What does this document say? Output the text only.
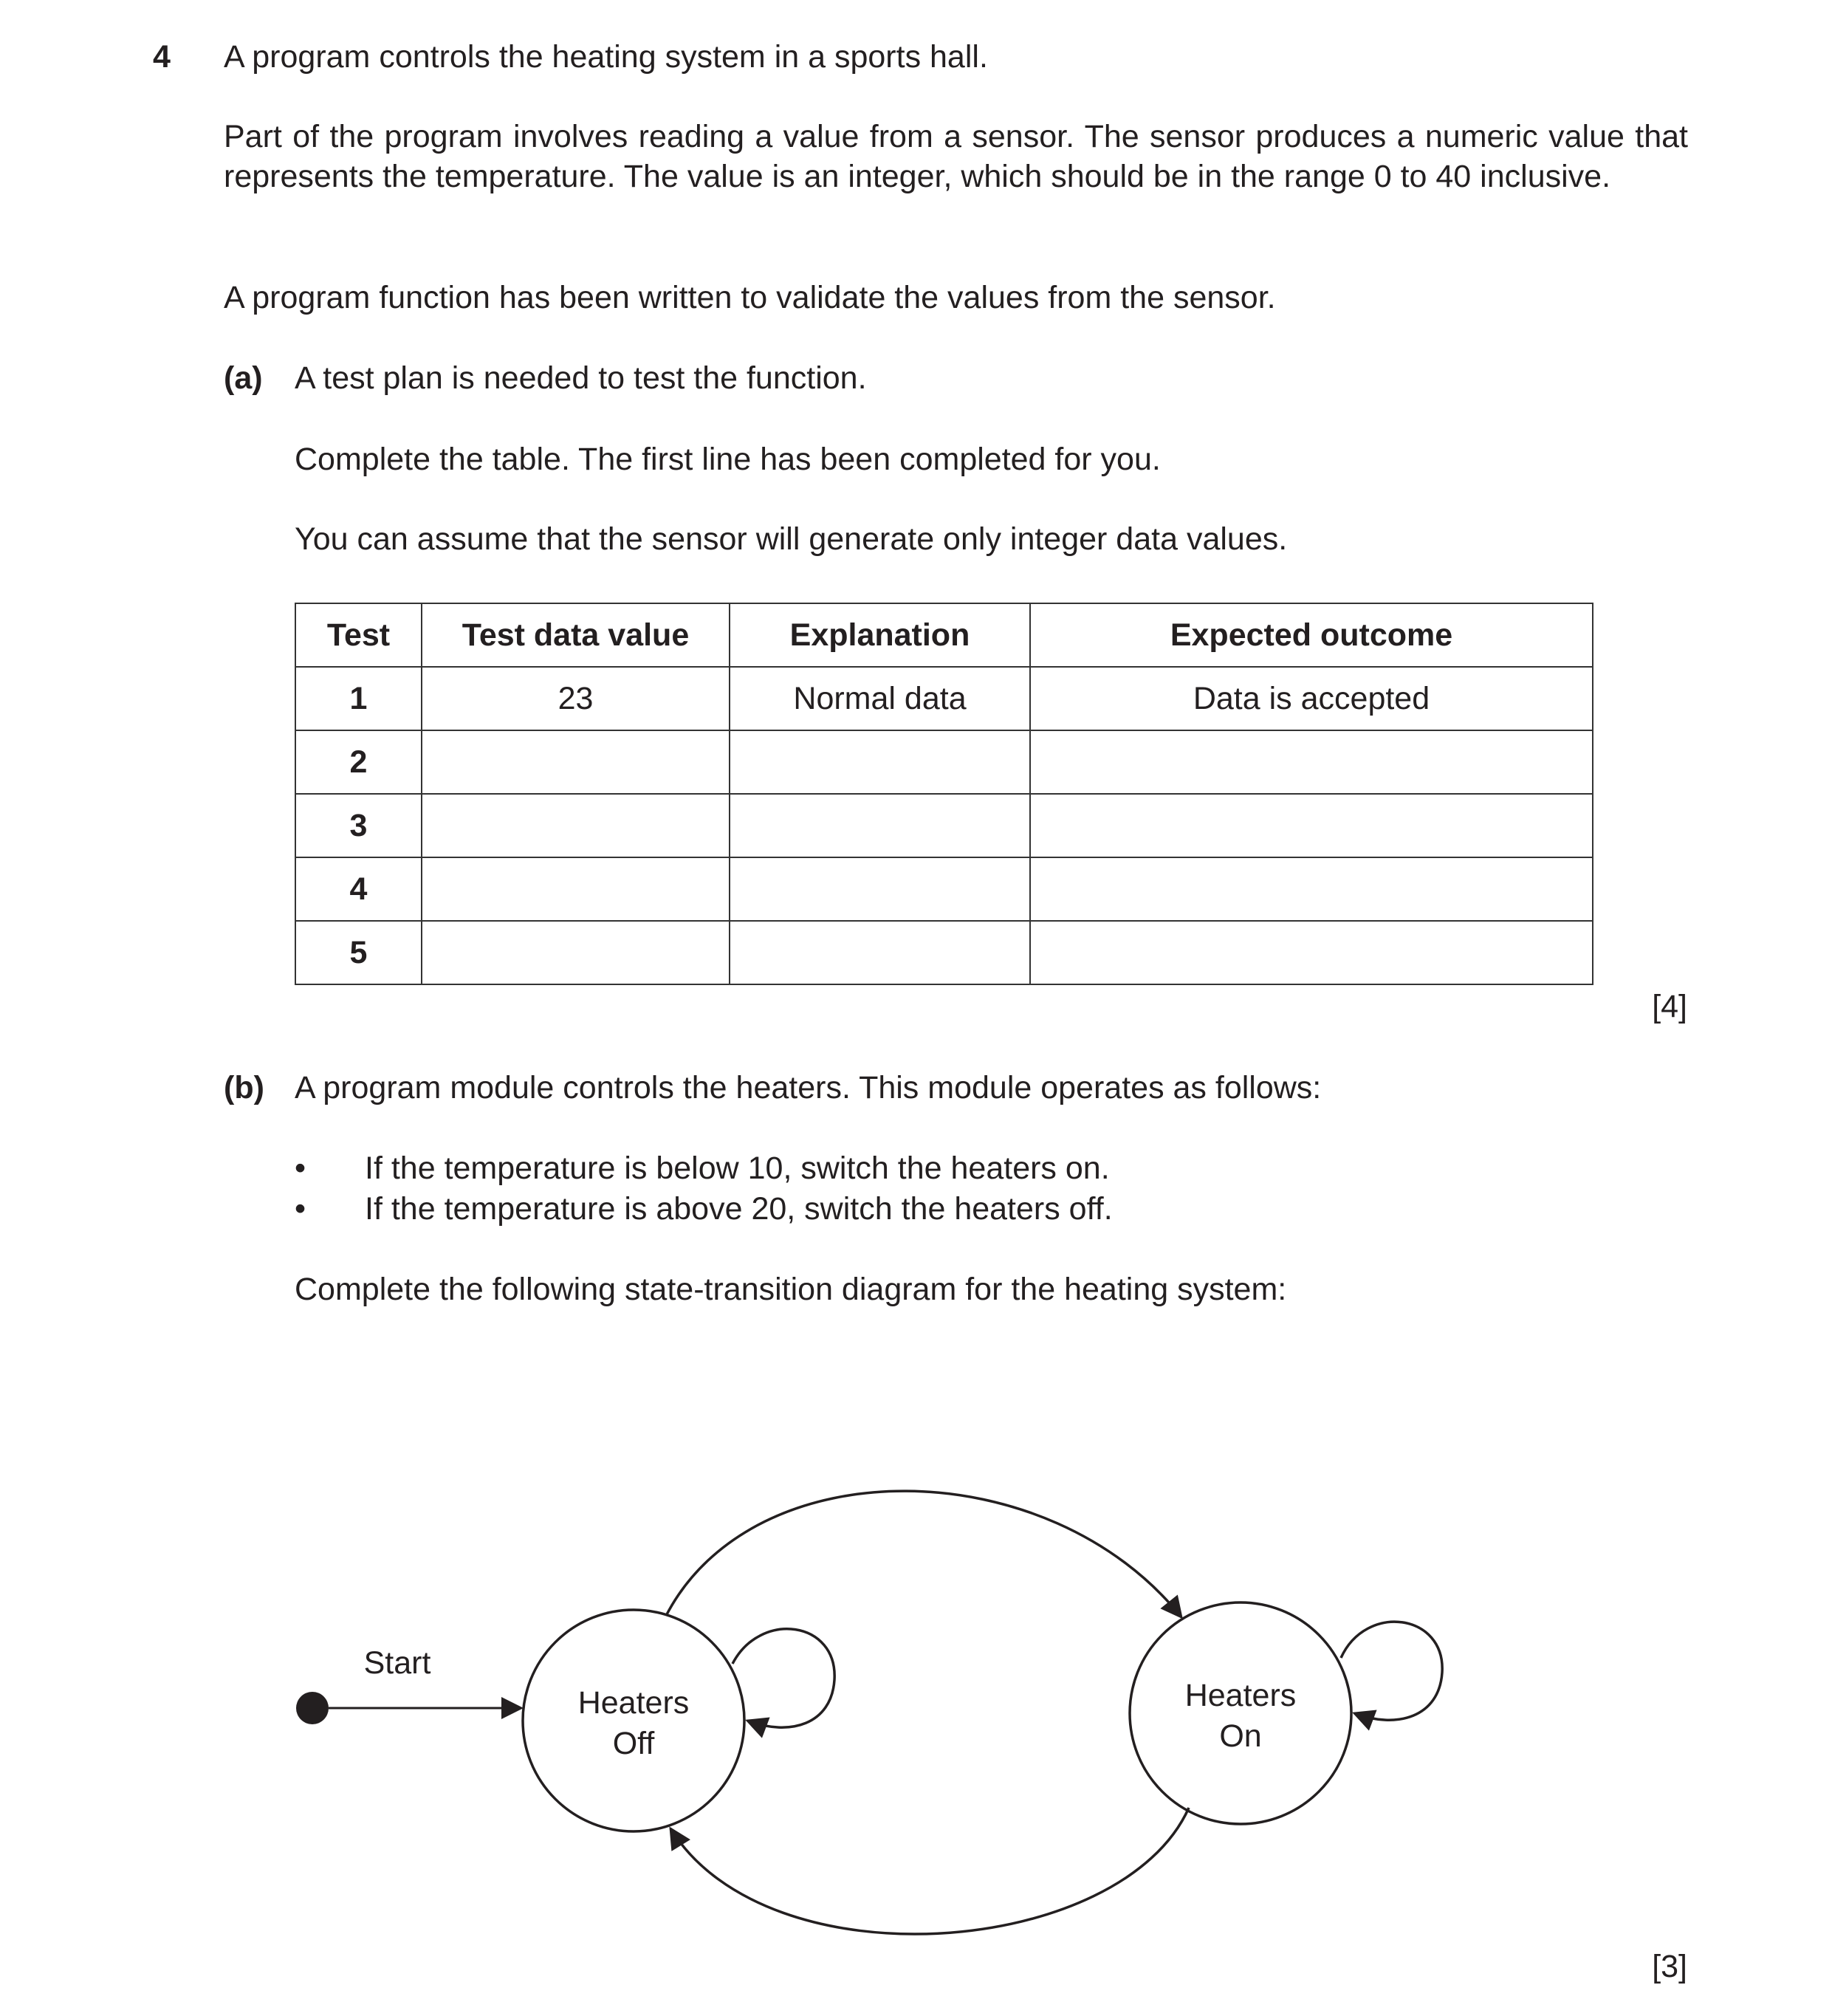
4 A program controls the heating system in a sports hall.
Part of the program involves reading a value from a sensor. The sensor produces a numeric value that represents the temperature. The value is an integer, which should be in the range 0 to 40 inclusive.
A program function has been written to validate the values from the sensor.
(a) A test plan is needed to test the function.
Complete the table. The first line has been completed for you.
You can assume that the sensor will generate only integer data values.
Test	Test data value	Explanation	Expected outcome
1	23	Normal data	Data is accepted
2			
3			
4			
5			
[4]
(b) A program module controls the heaters. This module operates as follows:
• If the temperature is below 10, switch the heaters on.
• If the temperature is above 20, switch the heaters off.
Complete the following state-transition diagram for the heating system:
Start
Heaters
Off
Heaters
On
[3]
